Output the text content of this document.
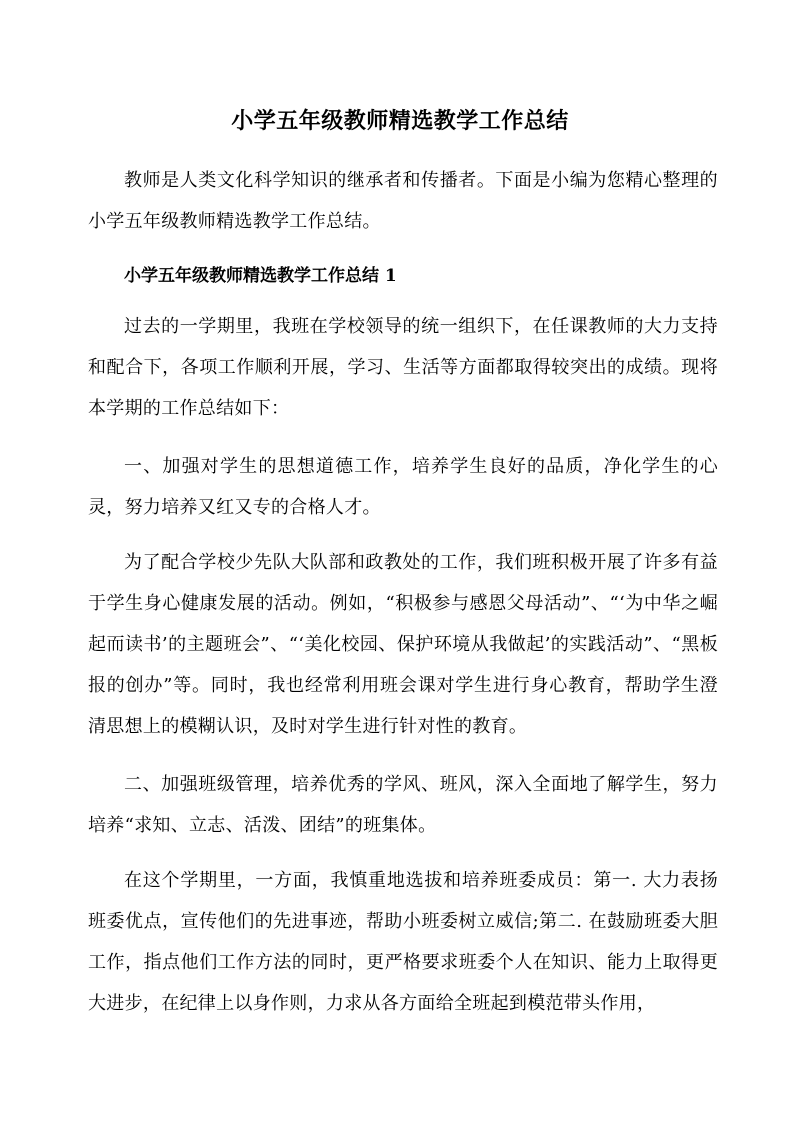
小学五年级教师精选教学工作总结

教师是人类文化科学知识的继承者和传播者。下面是小编为您精心整理的小学五年级教师精选教学工作总结。

小学五年级教师精选教学工作总结 1

过去的一学期里，我班在学校领导的统一组织下，在任课教师的大力支持和配合下，各项工作顺利开展，学习、生活等方面都取得较突出的成绩。现将本学期的工作总结如下：

一、加强对学生的思想道德工作，培养学生良好的品质，净化学生的心灵，努力培养又红又专的合格人才。

为了配合学校少先队大队部和政教处的工作，我们班积极开展了许多有益于学生身心健康发展的活动。例如，“积极参与感恩父母活动”、“‘为中华之崛起而读书’的主题班会”、“‘美化校园、保护环境从我做起’的实践活动”、“黑板报的创办”等。同时，我也经常利用班会课对学生进行身心教育，帮助学生澄清思想上的模糊认识，及时对学生进行针对性的教育。

二、加强班级管理，培养优秀的学风、班风，深入全面地了解学生，努力培养“求知、立志、活泼、团结”的班集体。

在这个学期里，一方面，我慎重地选拔和培养班委成员：第一. 大力表扬班委优点，宣传他们的先进事迹，帮助小班委树立威信;第二. 在鼓励班委大胆工作，指点他们工作方法的同时，更严格要求班委个人在知识、能力上取得更大进步，在纪律上以身作则，力求从各方面给全班起到模范带头作用，
